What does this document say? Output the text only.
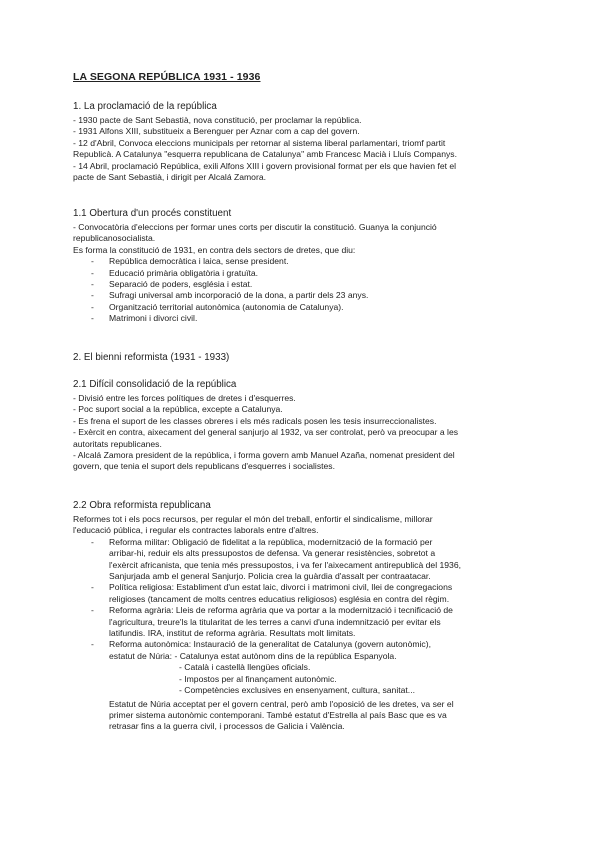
LA SEGONA REPÚBLICA 1931 - 1936

1. La proclamació de la república

- 1930 pacte de Sant Sebastià, nova constitució, per proclamar la república.

- 1931 Alfons XIII, substitueix a Berenguer per Aznar com a cap del govern.

- 12 d'Abril, Convoca eleccions municipals per retornar al sistema liberal parlamentari, triomf partit

Republicà. A Catalunya "esquerra republicana de Catalunya" amb Francesc Macià i Lluís Companys.

- 14 Abril, proclamació República, exili Alfons XIII i govern provisional format per els que havien fet el

pacte de Sant Sebastià, i dirigit per Alcalá Zamora.

1.1 Obertura d'un procés constituent

- Convocatòria d'eleccions per formar unes corts per discutir la constitució. Guanya la conjunció

republicanosocialista.

Es forma la constitució de 1931, en contra dels sectors de dretes, que diu:

- República democràtica i laica, sense president.
- Educació primària obligatòria i gratuïta.
- Separació de poders, església i estat.
- Sufragi universal amb incorporació de la dona, a partir dels 23 anys.
- Organització territorial autonòmica (autonomia de Catalunya).
- Matrimoni i divorci civil.

2. El bienni reformista (1931 - 1933)

2.1 Difícil consolidació de la república

- Divisió entre les forces polítiques de dretes i d'esquerres.

- Poc suport social a la república, excepte a Catalunya.

- Es frena el suport de les classes obreres i els més radicals posen les tesis insurreccionalistes.

- Exèrcit en contra, aixecament del general sanjurjo al 1932, va ser controlat, però va preocupar a les

autoritats republicanes.

- Alcalá Zamora president de la república, i forma govern amb Manuel Azaña, nomenat president del

govern, que tenia el suport dels republicans d'esquerres i socialistes.

2.2 Obra reformista republicana

Reformes tot i els pocs recursos, per regular el món del treball, enfortir el sindicalisme, millorar

l'educació pública, i regular els contractes laborals entre d'altres.

- Reforma militar: Obligació de fidelitat a la república, modernització de la formació per
arribar-hi, reduir els alts pressupostos de defensa. Va generar resistències, sobretot a
l'exèrcit africanista, que tenia més pressupostos, i va fer l'aixecament antirepublicà del 1936,
Sanjurjada amb el general Sanjurjo. Policia crea la guàrdia d'assalt per contraatacar.
- Política religiosa: Establiment d'un estat laic, divorci i matrimoni civil, llei de congregacions
religioses (tancament de molts centres educatius religiosos) església en contra del règim.
- Reforma agrària: Lleis de reforma agrària que va portar a la modernització i tecnificació de
l'agricultura, treure'ls la titularitat de les terres a canvi d'una indemnització per evitar els
latifundis. IRA, institut de reforma agrària. Resultats molt limitats.
- Reforma autonòmica: Instauració de la generalitat de Catalunya (govern autonòmic),
estatut de Núria: - Catalunya estat autònom dins de la república Espanyola.

- Català i castellà llengües oficials.

- Impostos per al finançament autonòmic.

- Competències exclusives en ensenyament, cultura, sanitat...

Estatut de Núria acceptat per el govern central, però amb l'oposició de les dretes, va ser el

primer sistema autonòmic contemporani. També estatut d'Estrella al país Basc que es va

retrasar fins a la guerra civil, i processos de Galicia i València.
